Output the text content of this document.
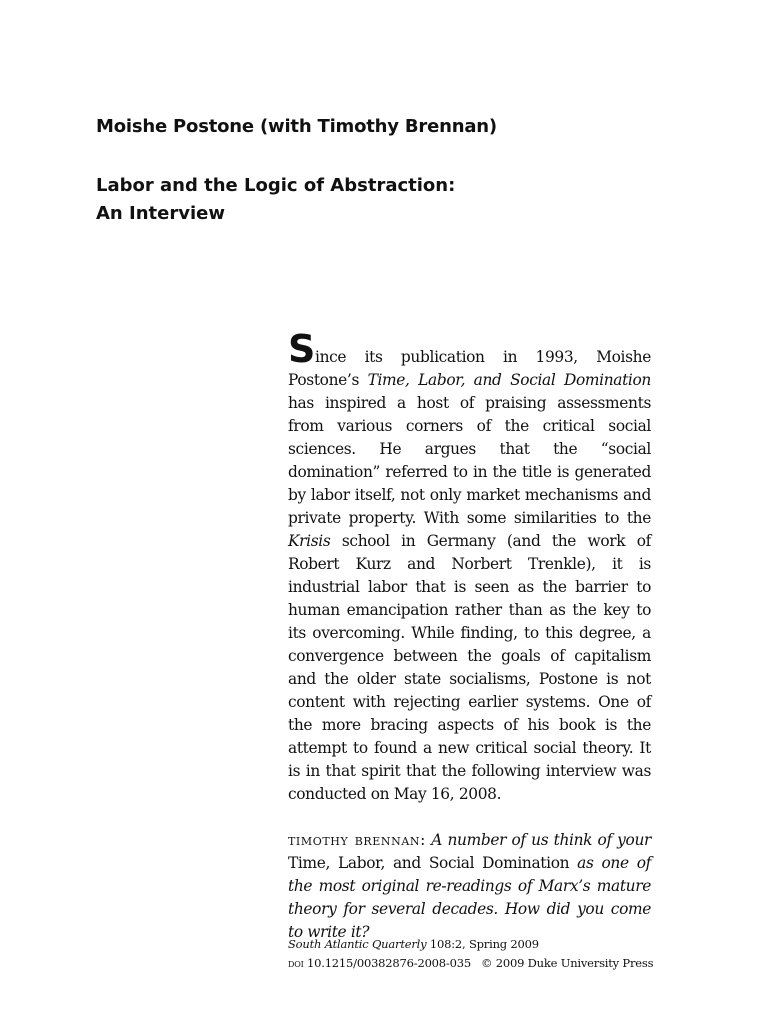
Moishe Postone (with Timothy Brennan)
Labor and the Logic of Abstraction:
An Interview

Since its publication in 1993, Moishe Postone’s Time, Labor, and Social Domination has inspired a host of praising assessments from various corners of the critical social sciences. He argues that the “social domination” referred to in the title is generated by labor itself, not only market mechanisms and private property. With some similarities to the Krisis school in Germany (and the work of Robert Kurz and Norbert Trenkle), it is industrial labor that is seen as the barrier to human emancipation rather than as the key to its overcoming. While finding, to this degree, a convergence between the goals of capitalism and the older state socialisms, Postone is not content with rejecting earlier systems. One of the more bracing aspects of his book is the attempt to found a new critical social theory. It is in that spirit that the following interview was conducted on May 16, 2008.

timothy brennan: A number of us think of your Time, Labor, and Social Domination as one of the most original re-readings of Marx’s mature theory for several decades. How did you come to write it?

South Atlantic Quarterly 108:2, Spring 2009
doi 10.1215/00382876-2008-035 © 2009 Duke University Press
